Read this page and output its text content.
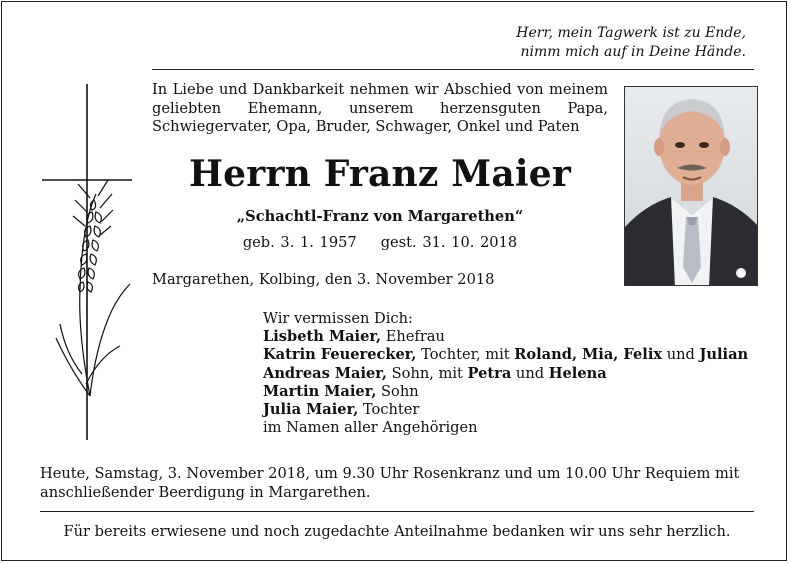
Herr, mein Tagwerk ist zu Ende,
nimm mich auf in Deine Hände.
In Liebe und Dankbarkeit nehmen wir Abschied von meinem geliebten Ehemann, unserem herzensguten Papa, Schwiegervater, Opa, Bruder, Schwager, Onkel und Paten
Herrn Franz Maier
„Schachtl-Franz von Margarethen“
geb. 3. 1. 1957 gest. 31. 10. 2018
Margarethen, Kolbing, den 3. November 2018
Wir vermissen Dich:
Lisbeth Maier, Ehefrau
Katrin Feuerecker, Tochter, mit Roland, Mia, Felix und Julian
Andreas Maier, Sohn, mit Petra und Helena
Martin Maier, Sohn
Julia Maier, Tochter
im Namen aller Angehörigen
Heute, Samstag, 3. November 2018, um 9.30 Uhr Rosenkranz und um 10.00 Uhr Requiem mit anschließender Beerdigung in Margarethen.
Für bereits erwiesene und noch zugedachte Anteilnahme bedanken wir uns sehr herzlich.
